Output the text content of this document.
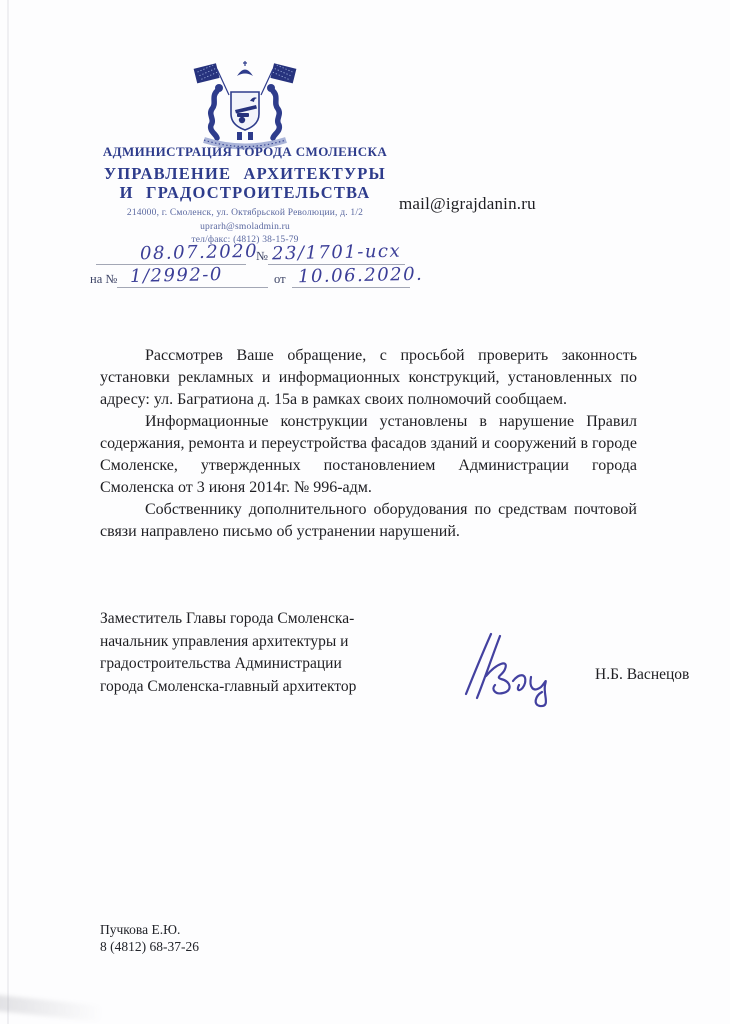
АДМИНИСТРАЦИЯ ГОРОДА СМОЛЕНСКА
УПРАВЛЕНИЕ АРХИТЕКТУРЫ
И ГРАДОСТРОИТЕЛЬСТВА
214000, г. Смоленск, ул. Октябрьской Революции, д. 1/2
uprarh@smoladmin.ru
тел/факс: (4812) 38-15-79
08.07.2020
№ 23/1701-исх
на № 1/2992-0	от 10.06.2020.
mail@igrajdanin.ru

Рассмотрев Ваше обращение, с просьбой проверить законность установки рекламных и информационных конструкций, установленных по адресу: ул. Багратиона д. 15а в рамках своих полномочий сообщаем.

Информационные конструкции установлены в нарушение Правил содержания, ремонта и переустройства фасадов зданий и сооружений в городе Смоленске, утвержденных постановлением Администрации города Смоленска от 3 июня 2014г. № 996-адм.

Собственнику дополнительного оборудования по средствам почтовой связи направлено письмо об устранении нарушений.

Заместитель Главы города Смоленска-
начальник управления архитектуры и
градостроительства Администрации
города Смоленска-главный архитектор
Н.Б. Васнецов
Пучкова Е.Ю.
8 (4812) 68-37-26
